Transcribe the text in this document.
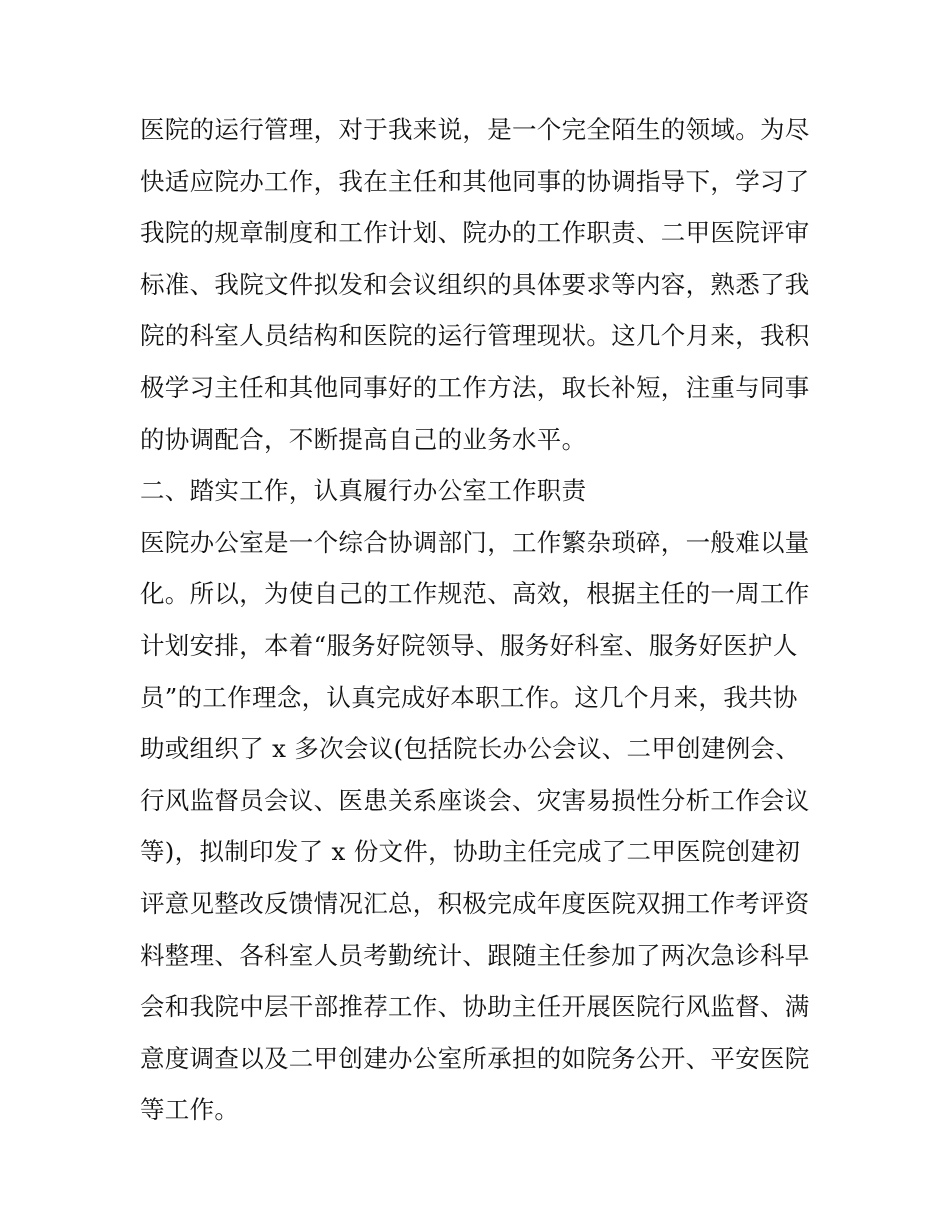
医院的运行管理，对于我来说，是一个完全陌生的领域。为尽
快适应院办工作，我在主任和其他同事的协调指导下，学习了
我院的规章制度和工作计划、院办的工作职责、二甲医院评审
标准、我院文件拟发和会议组织的具体要求等内容，熟悉了我
院的科室人员结构和医院的运行管理现状。这几个月来，我积
极学习主任和其他同事好的工作方法，取长补短，注重与同事
的协调配合，不断提高自己的业务水平。
二、踏实工作，认真履行办公室工作职责
医院办公室是一个综合协调部门，工作繁杂琐碎，一般难以量
化。所以，为使自己的工作规范、高效，根据主任的一周工作
计划安排，本着“服务好院领导、服务好科室、服务好医护人
员”的工作理念，认真完成好本职工作。这几个月来，我共协
助或组织了 x 多次会议(包括院长办公会议、二甲创建例会、
行风监督员会议、医患关系座谈会、灾害易损性分析工作会议
等)，拟制印发了 x 份文件，协助主任完成了二甲医院创建初
评意见整改反馈情况汇总，积极完成年度医院双拥工作考评资
料整理、各科室人员考勤统计、跟随主任参加了两次急诊科早
会和我院中层干部推荐工作、协助主任开展医院行风监督、满
意度调查以及二甲创建办公室所承担的如院务公开、平安医院
等工作。
